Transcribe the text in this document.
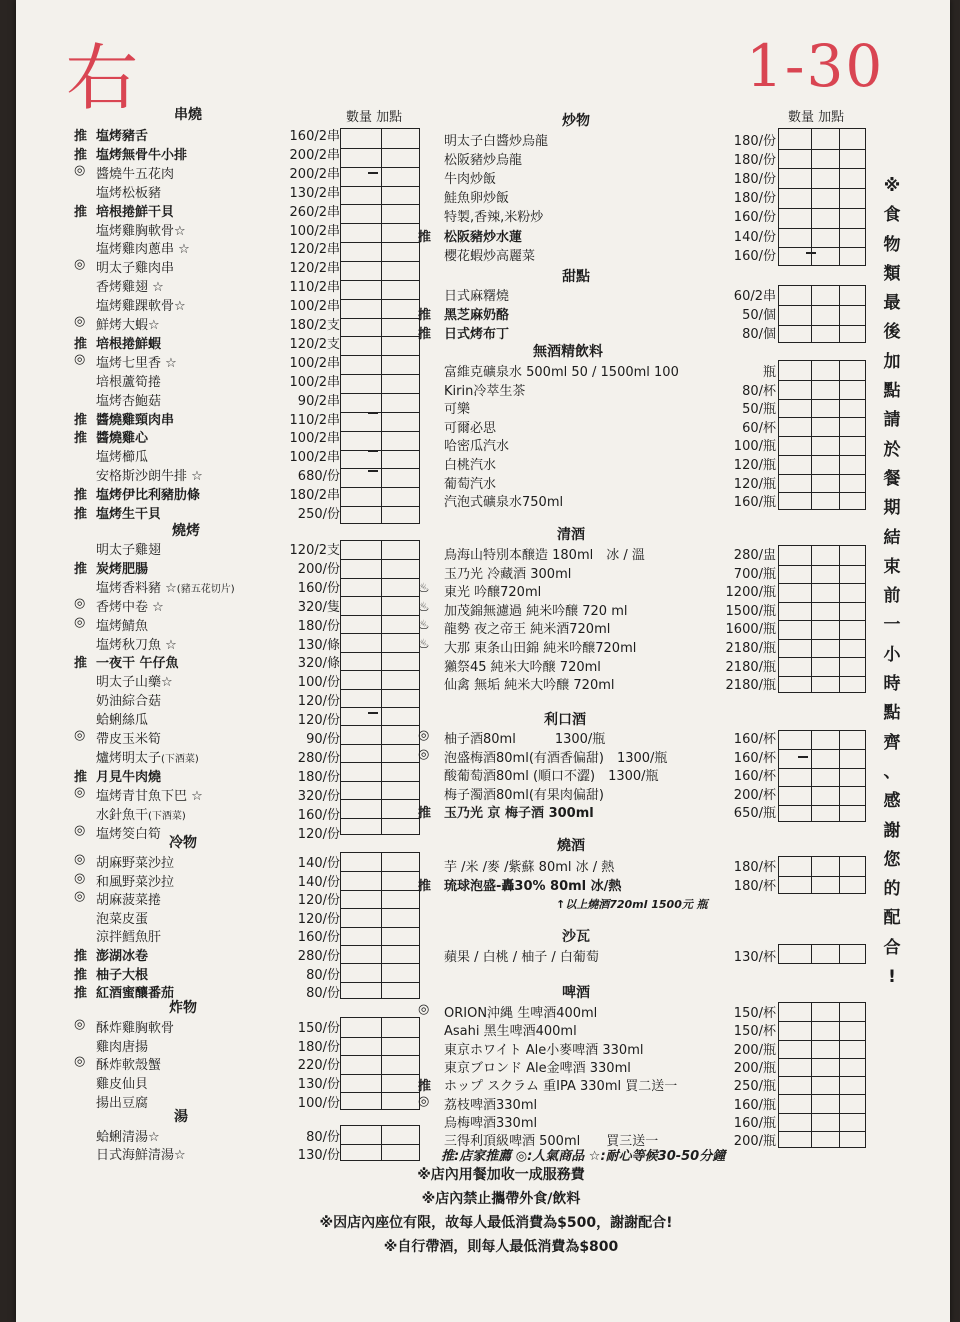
右	1-30
數量 加點
串燒
推 塩烤豬舌	160/2串
推 塩烤無骨牛小排	200/2串
◎ 醬燒牛五花肉	200/2串
塩烤松板豬	130/2串
推 培根捲鮮干貝	260/2串
塩烤雞胸軟骨☆	100/2串
塩烤雞肉蔥串 ☆	120/2串
◎ 明太子雞肉串	120/2串
香烤雞翅 ☆	110/2串
塩烤雞踝軟骨☆	100/2串
◎ 鮮烤大蝦☆	180/2支
推 培根捲鮮蝦	120/2支
◎ 塩烤七里香 ☆	100/2串
培根蘆筍捲	100/2串
塩烤杏鮑菇	90/2串
推 醬燒雞頸肉串	110/2串
推 醬燒雞心	100/2串
塩烤櫛瓜	100/2串
安格斯沙朗牛排 ☆	680/份
推 塩烤伊比利豬肋條	180/2串
推 塩烤生干貝	250/份
燒烤
明太子雞翅	120/2支
推 炭烤肥腸	200/份
塩烤香料豬 ☆(豬五花切片)	160/份
◎ 香烤中卷 ☆	320/隻
◎ 塩烤鯖魚	180/份
塩烤秋刀魚 ☆	130/條
推 一夜干 午仔魚	320/條
明太子山藥☆	100/份
奶油綜合菇	120/份
蛤蜊絲瓜	120/份
◎ 帶皮玉米筍	90/份
爐烤明太子(下酒菜)	280/份
推 月見牛肉燒	180/份
◎ 塩烤青甘魚下巴 ☆	320/份
水針魚干(下酒菜)	160/份
◎ 塩烤筊白筍	120/份
冷物
◎ 胡麻野菜沙拉	140/份
◎ 和風野菜沙拉	140/份
◎ 胡麻菠菜捲	120/份
泡菜皮蛋	120/份
涼拌鱈魚肝	160/份
推 澎湖冰卷	280/份
推 柚子大根	80/份
推 紅酒蜜釀番茄	80/份
炸物
◎ 酥炸雞胸軟骨	150/份
雞肉唐揚	180/份
◎ 酥炸軟殼蟹	220/份
雞皮仙貝	130/份
揚出豆腐	100/份
湯
蛤蜊清湯☆	80/份
日式海鮮清湯☆	130/份
數量 加點
炒物
明太子白醬炒烏龍	180/份
松阪豬炒烏龍	180/份
牛肉炒飯	180/份
鮭魚卵炒飯	180/份
特製,香辣,米粉炒	160/份
推 松阪豬炒水蓮	140/份
櫻花蝦炒高麗菜	160/份
甜點
日式麻糬燒	60/2串
推 黑芝麻奶酪	50/個
推 日式烤布丁	80/個
無酒精飲料
富維克礦泉水 500ml 50 / 1500ml 100	瓶
Kirin冷萃生茶	80/杯
可樂	50/瓶
可爾必思	60/杯
哈密瓜汽水	100/瓶
白桃汽水	120/瓶
葡萄汽水	120/瓶
汽泡式礦泉水750ml	160/瓶
清酒
鳥海山特別本醸造 180ml　冰 / 溫	280/盅
玉乃光 冷藏酒 300ml	700/瓶
♨ 東光 吟醸720ml	1200/瓶
♨ 加茂錦無濾過 純米吟醸 720 ml	1500/瓶
♨ 龍勢 夜之帝王 純米酒720ml	1600/瓶
♨ 大那 東条山田錦 純米吟醸720ml	2180/瓶
獺祭45 純米大吟醸 720ml	2180/瓶
仙禽 無垢 純米大吟醸 720ml	2180/瓶
利口酒
◎ 柚子酒80ml　　　1300/瓶	160/杯
◎ 泡盛梅酒80ml(有酒香偏甜)　1300/瓶	160/杯
酸葡萄酒80ml (順口不澀)　1300/瓶	160/杯
梅子濁酒80ml(有果肉偏甜)	200/杯
推 玉乃光 京 梅子酒 300ml	650/瓶
燒酒
芋 /米 /麥 /紫蘇 80ml 冰 / 熱	180/杯
推 琉球泡盛-轟30% 80ml 冰/熱	180/杯
↑以上燒酒720ml 1500元 瓶
沙瓦
蘋果 / 白桃 / 柚子 / 白葡萄	130/杯
啤酒
◎ ORION沖縄 生啤酒400ml	150/杯
Asahi 黑生啤酒400ml	150/杯
東京ホワイト Ale小麥啤酒 330ml	200/瓶
東京ブロンド Ale金啤酒 330ml	200/瓶
推 ホップ スクラム 重IPA 330ml 買二送一	250/瓶
◎ 荔枝啤酒330ml	160/瓶
烏梅啤酒330ml	160/瓶
三得利頂級啤酒 500ml　　買三送一	200/瓶
※
食
物
類
最
後
加
點
請
於
餐
期
結
束
前
一
小
時
點
齊
、
感
謝
您
的
配
合
!
推:店家推薦 ◎:人氣商品 ☆:耐心等候30-50分鐘
※店內用餐加收一成服務費
※店內禁止攜帶外食/飲料
※因店內座位有限，故每人最低消費為$500，謝謝配合!
※自行帶酒，則每人最低消費為$800
